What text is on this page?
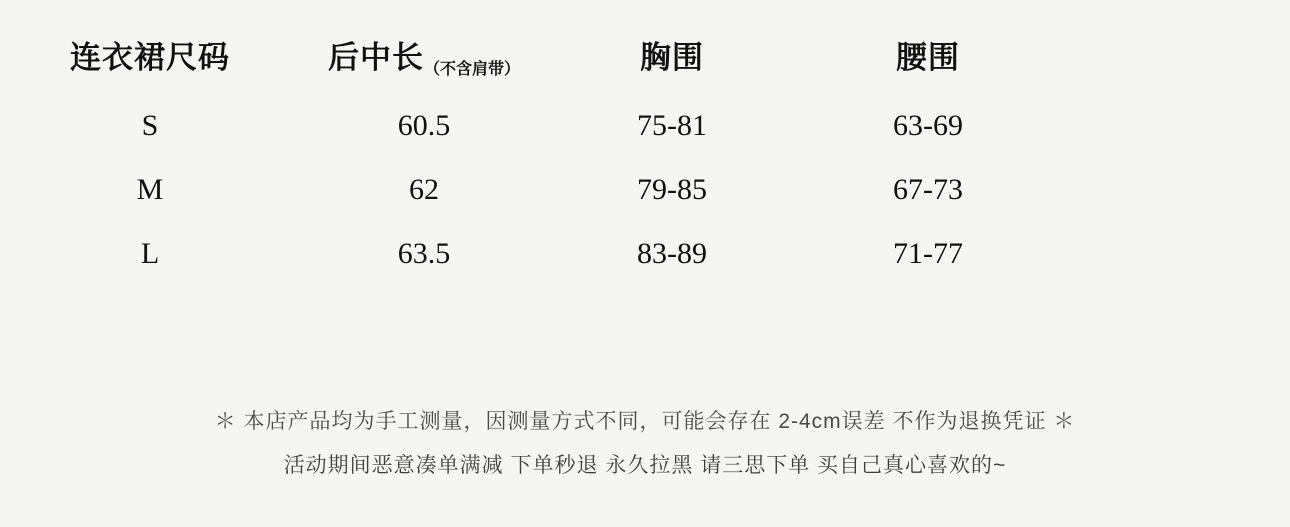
连衣裙尺码	后中长（不含肩带）	胸围	腰围
S	60.5	75-81	63-69
M	62	79-85	67-73
L	63.5	83-89	71-77
＊ 本店产品均为手工测量，因测量方式不同，可能会存在 2-4cm误差 不作为退换凭证 ＊
活动期间恶意凑单满减 下单秒退 永久拉黑 请三思下单 买自己真心喜欢的~
